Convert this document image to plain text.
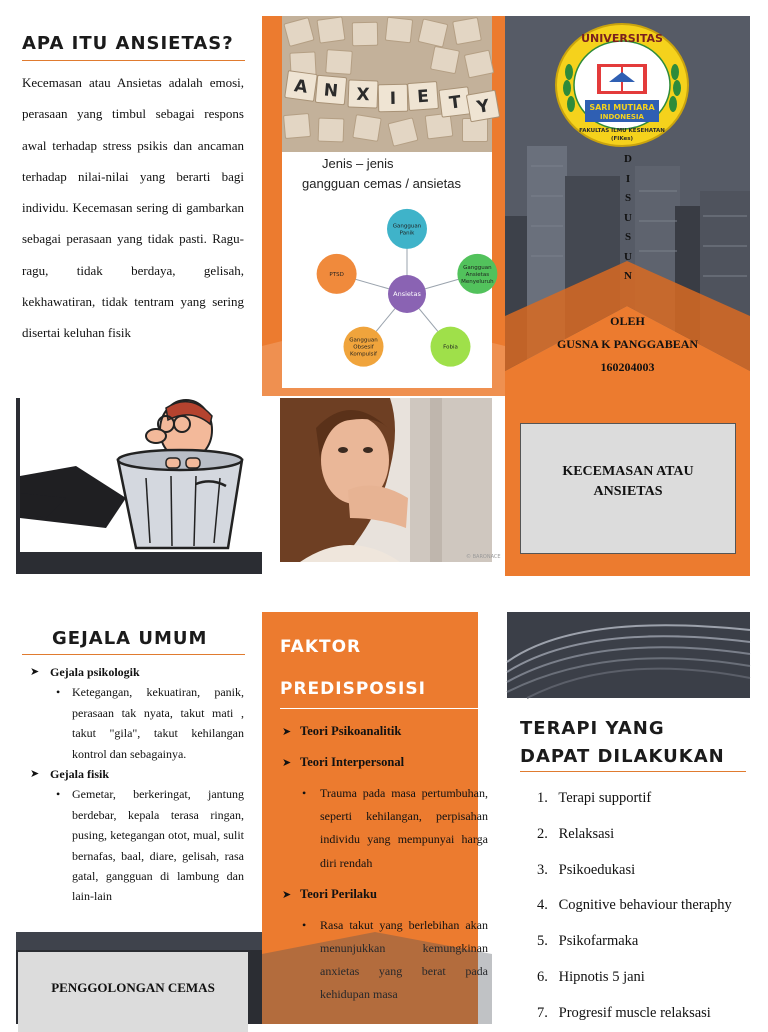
APA ITU ANSIETAS?
Kecemasan atau Ansietas adalah emosi, perasaan yang timbul sebagai respons awal terhadap stress psikis dan ancaman terhadap nilai-nilai yang berarti bagi individu. Kecemasan sering di gambarkan sebagai perasaan yang tidak pasti. Ragu-ragu, tidak berdaya, gelisah, kekhawatiran, tidak tentram yang sering disertai keluhan fisik
A N	X	I	E	T Y
Jenis – jenis
gangguan cemas / ansietas
Gangguan
Panik
Gangguan
Ansietas
Menyeluruh
Fobia
Gangguan
Obsesif
Kompulsif
PTSD
Ansietas
UNIVERSITAS
SARI MUTIARA
INDONESIA
FAKULTAS ILMU KESEHATAN
(FIKes)
D
I
S
U
S
U
N
OLEH
GUSNA K PANGGABEAN
160204003
KECEMASAN ATAU
ANSIETAS
© BARONACE
GEJALA UMUM
➤ Gejala psikologik
• Ketegangan, kekuatiran, panik, perasaan tak nyata, takut mati , takut "gila", takut kehilangan kontrol dan sebagainya.
➤ Gejala fisik
• Gemetar, berkeringat, jantung berdebar, kepala terasa ringan, pusing, ketegangan otot, mual, sulit bernafas, baal, diare, gelisah, rasa gatal, gangguan di lambung dan lain-lain
PENGGOLONGAN CEMAS
FAKTOR
PREDISPOSISI
➤ Teori Psikoanalitik
➤ Teori Interpersonal
• Trauma pada masa pertumbuhan, seperti kehilangan, perpisahan individu yang mempunyai harga diri rendah
➤ Teori Perilaku
• Rasa takut yang berlebihan akan menunjukkan kemungkinan anxietas yang berat pada kehidupan masa
TERAPI YANG
DAPAT DILAKUKAN
1. Terapi supportif
2. Relaksasi
3. Psikoedukasi
4. Cognitive behaviour theraphy
5. Psikofarmaka
6. Hipnotis 5 jani
7. Progresif muscle relaksasi
